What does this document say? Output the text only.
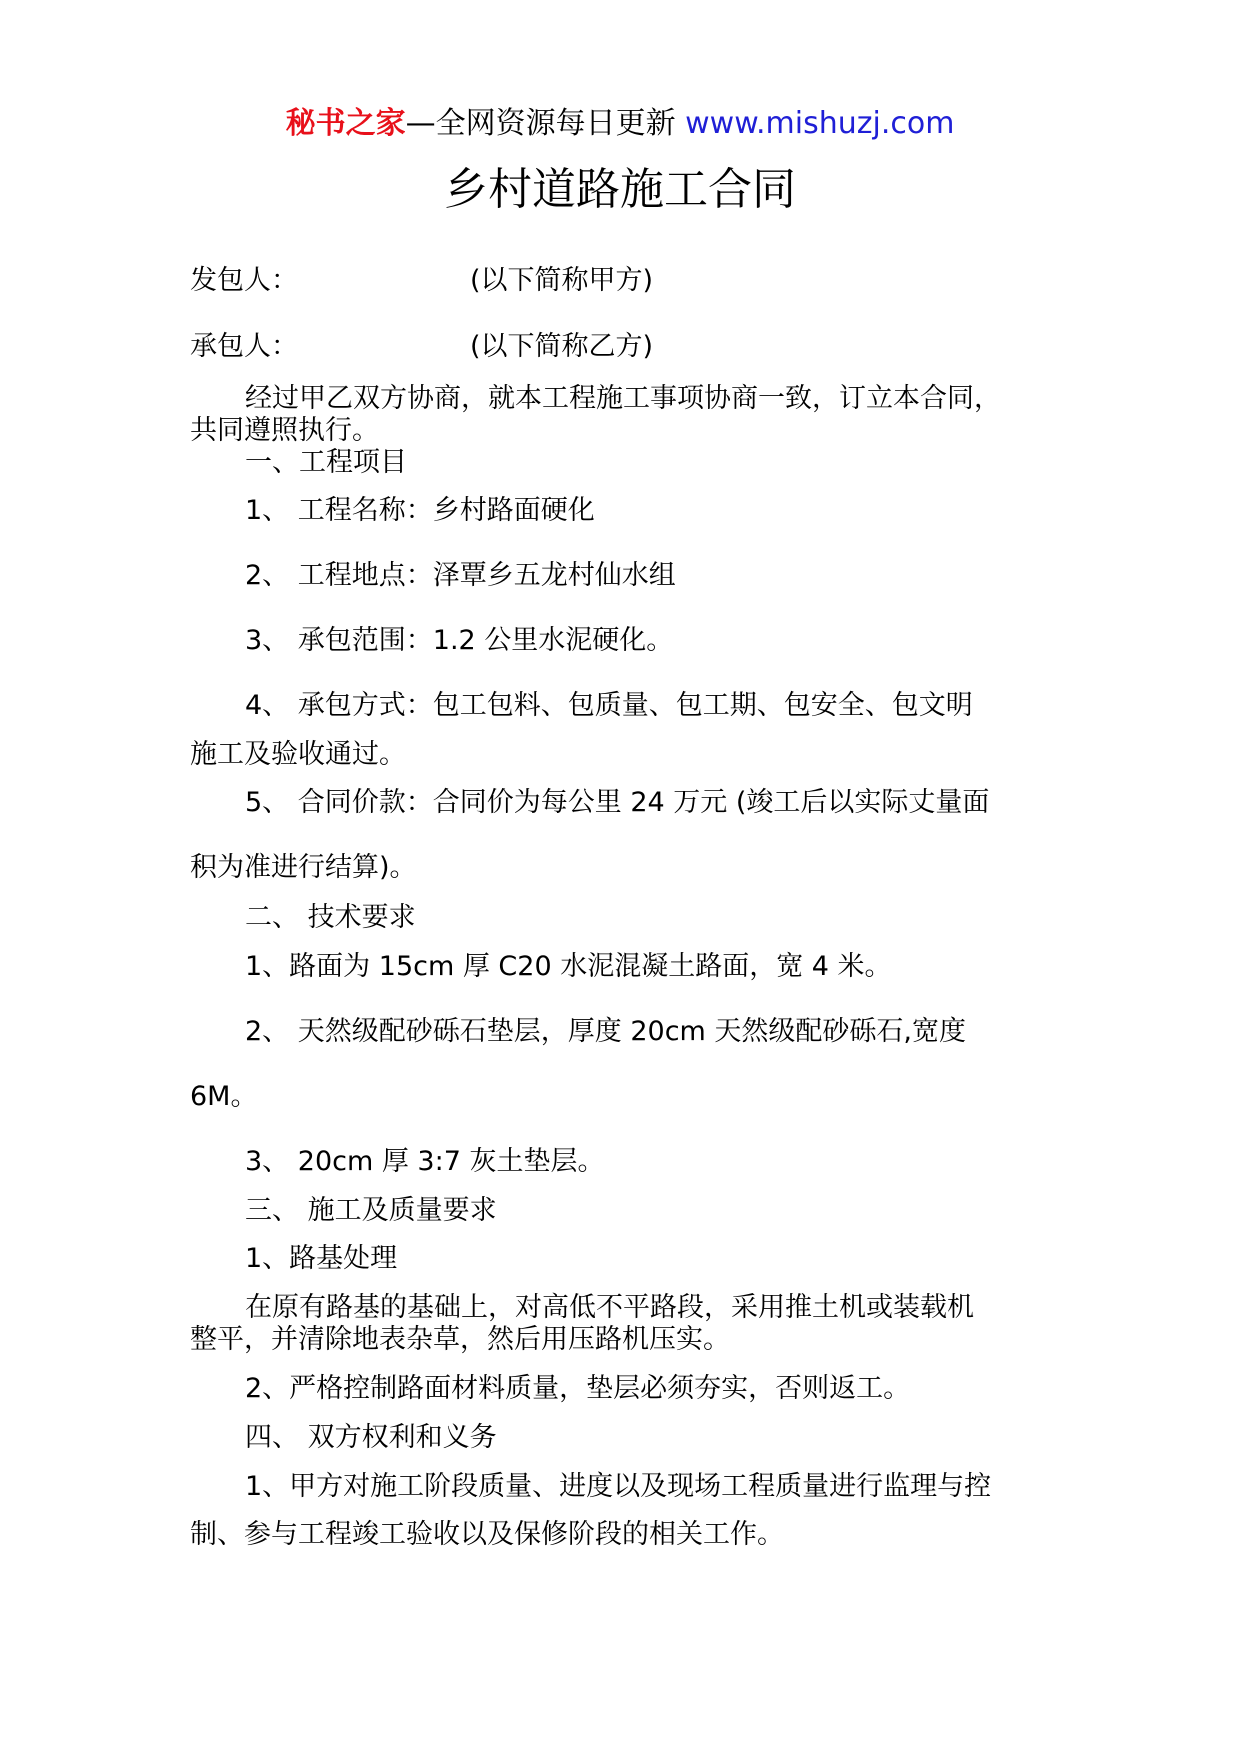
秘书之家—全网资源每日更新 www.mishuzj.com
乡村道路施工合同
发包人：	(以下简称甲方)
承包人：	(以下简称乙方)
经过甲乙双方协商，就本工程施工事项协商一致，订立本合同，
共同遵照执行。
一、工程项目
1、 工程名称：乡村路面硬化
2、 工程地点：泽覃乡五龙村仙水组
3、 承包范围：1.2 公里水泥硬化。
4、 承包方式：包工包料、包质量、包工期、包安全、包文明
施工及验收通过。
5、 合同价款：合同价为每公里 24 万元 (竣工后以实际丈量面
积为准进行结算)。
二、 技术要求
1、路面为 15cm 厚 C20 水泥混凝土路面，宽 4 米。
2、 天然级配砂砾石垫层，厚度 20cm 天然级配砂砾石,宽度
6M。
3、 20cm 厚 3:7 灰土垫层。
三、 施工及质量要求
1、路基处理
在原有路基的基础上，对高低不平路段，采用推土机或装载机
整平，并清除地表杂草，然后用压路机压实。
2、严格控制路面材料质量，垫层必须夯实，否则返工。
四、 双方权利和义务
1、甲方对施工阶段质量、进度以及现场工程质量进行监理与控
制、参与工程竣工验收以及保修阶段的相关工作。
